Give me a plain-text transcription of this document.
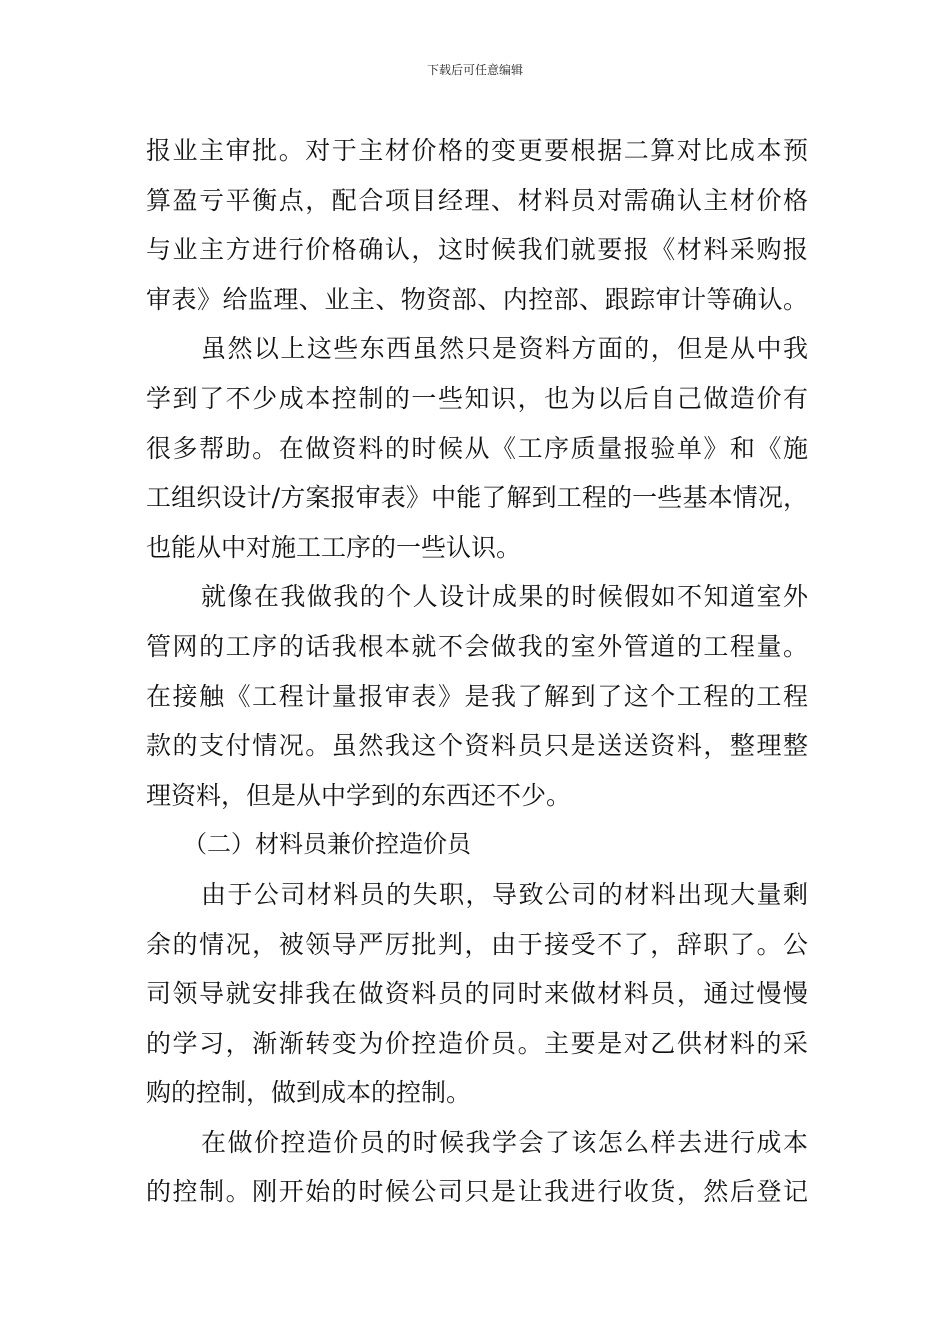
下载后可任意编辑
报业主审批。对于主材价格的变更要根据二算对比成本预
算盈亏平衡点，配合项目经理、材料员对需确认主材价格
与业主方进行价格确认，这时候我们就要报《材料采购报
审表》给监理、业主、物资部、内控部、跟踪审计等确认。
虽然以上这些东西虽然只是资料方面的，但是从中我
学到了不少成本控制的一些知识，也为以后自己做造价有
很多帮助。在做资料的时候从《工序质量报验单》和《施
工组织设计/方案报审表》中能了解到工程的一些基本情况，
也能从中对施工工序的一些认识。
就像在我做我的个人设计成果的时候假如不知道室外
管网的工序的话我根本就不会做我的室外管道的工程量。
在接触《工程计量报审表》是我了解到了这个工程的工程
款的支付情况。虽然我这个资料员只是送送资料，整理整
理资料，但是从中学到的东西还不少。
（二）材料员兼价控造价员
由于公司材料员的失职，导致公司的材料出现大量剩
余的情况，被领导严厉批判，由于接受不了，辞职了。公
司领导就安排我在做资料员的同时来做材料员，通过慢慢
的学习，渐渐转变为价控造价员。主要是对乙供材料的采
购的控制，做到成本的控制。
在做价控造价员的时候我学会了该怎么样去进行成本
的控制。刚开始的时候公司只是让我进行收货，然后登记
